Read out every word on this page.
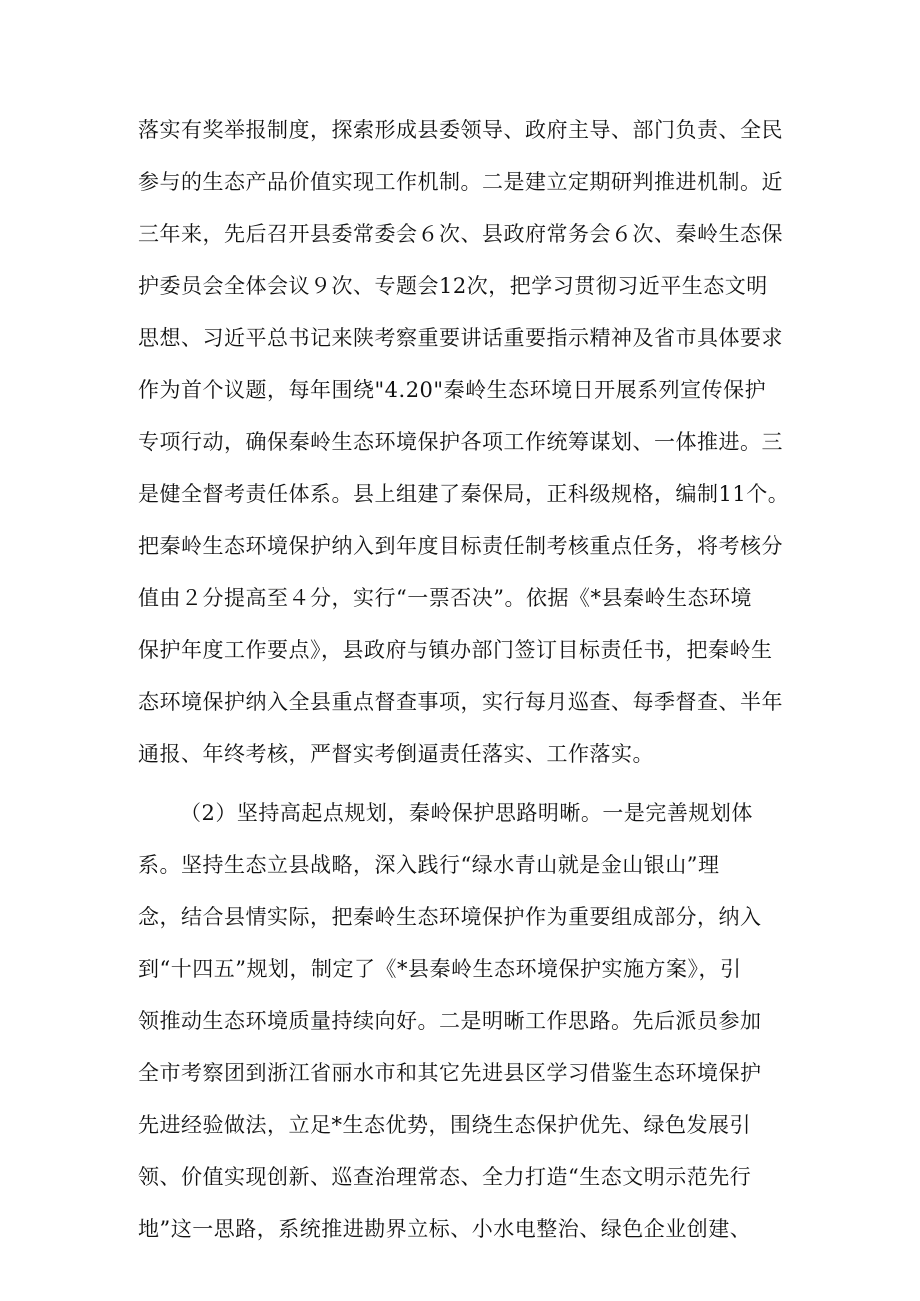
落实有奖举报制度，探索形成县委领导、政府主导、部门负责、全民
参与的生态产品价值实现工作机制。二是建立定期研判推进机制。近
三年来，先后召开县委常委会６次、县政府常务会６次、秦岭生态保
护委员会全体会议９次、专题会12次，把学习贯彻习近平生态文明
思想、习近平总书记来陕考察重要讲话重要指示精神及省市具体要求
作为首个议题，每年围绕"4.20"秦岭生态环境日开展系列宣传保护
专项行动，确保秦岭生态环境保护各项工作统筹谋划、一体推进。三
是健全督考责任体系。县上组建了秦保局，正科级规格，编制11个。
把秦岭生态环境保护纳入到年度目标责任制考核重点任务，将考核分
值由２分提高至４分，实行“一票否决”。依据《*县秦岭生态环境
保护年度工作要点》，县政府与镇办部门签订目标责任书，把秦岭生
态环境保护纳入全县重点督查事项，实行每月巡查、每季督查、半年
通报、年终考核，严督实考倒逼责任落实、工作落实。
（2）坚持高起点规划，秦岭保护思路明晰。一是完善规划体
系。坚持生态立县战略，深入践行“绿水青山就是金山银山”理
念，结合县情实际，把秦岭生态环境保护作为重要组成部分，纳入
到“十四五”规划，制定了《*县秦岭生态环境保护实施方案》，引
领推动生态环境质量持续向好。二是明晰工作思路。先后派员参加
全市考察团到浙江省丽水市和其它先进县区学习借鉴生态环境保护
先进经验做法，立足*生态优势，围绕生态保护优先、绿色发展引
领、价值实现创新、巡查治理常态、全力打造“生态文明示范先行
地”这一思路，系统推进勘界立标、小水电整治、绿色企业创建、
